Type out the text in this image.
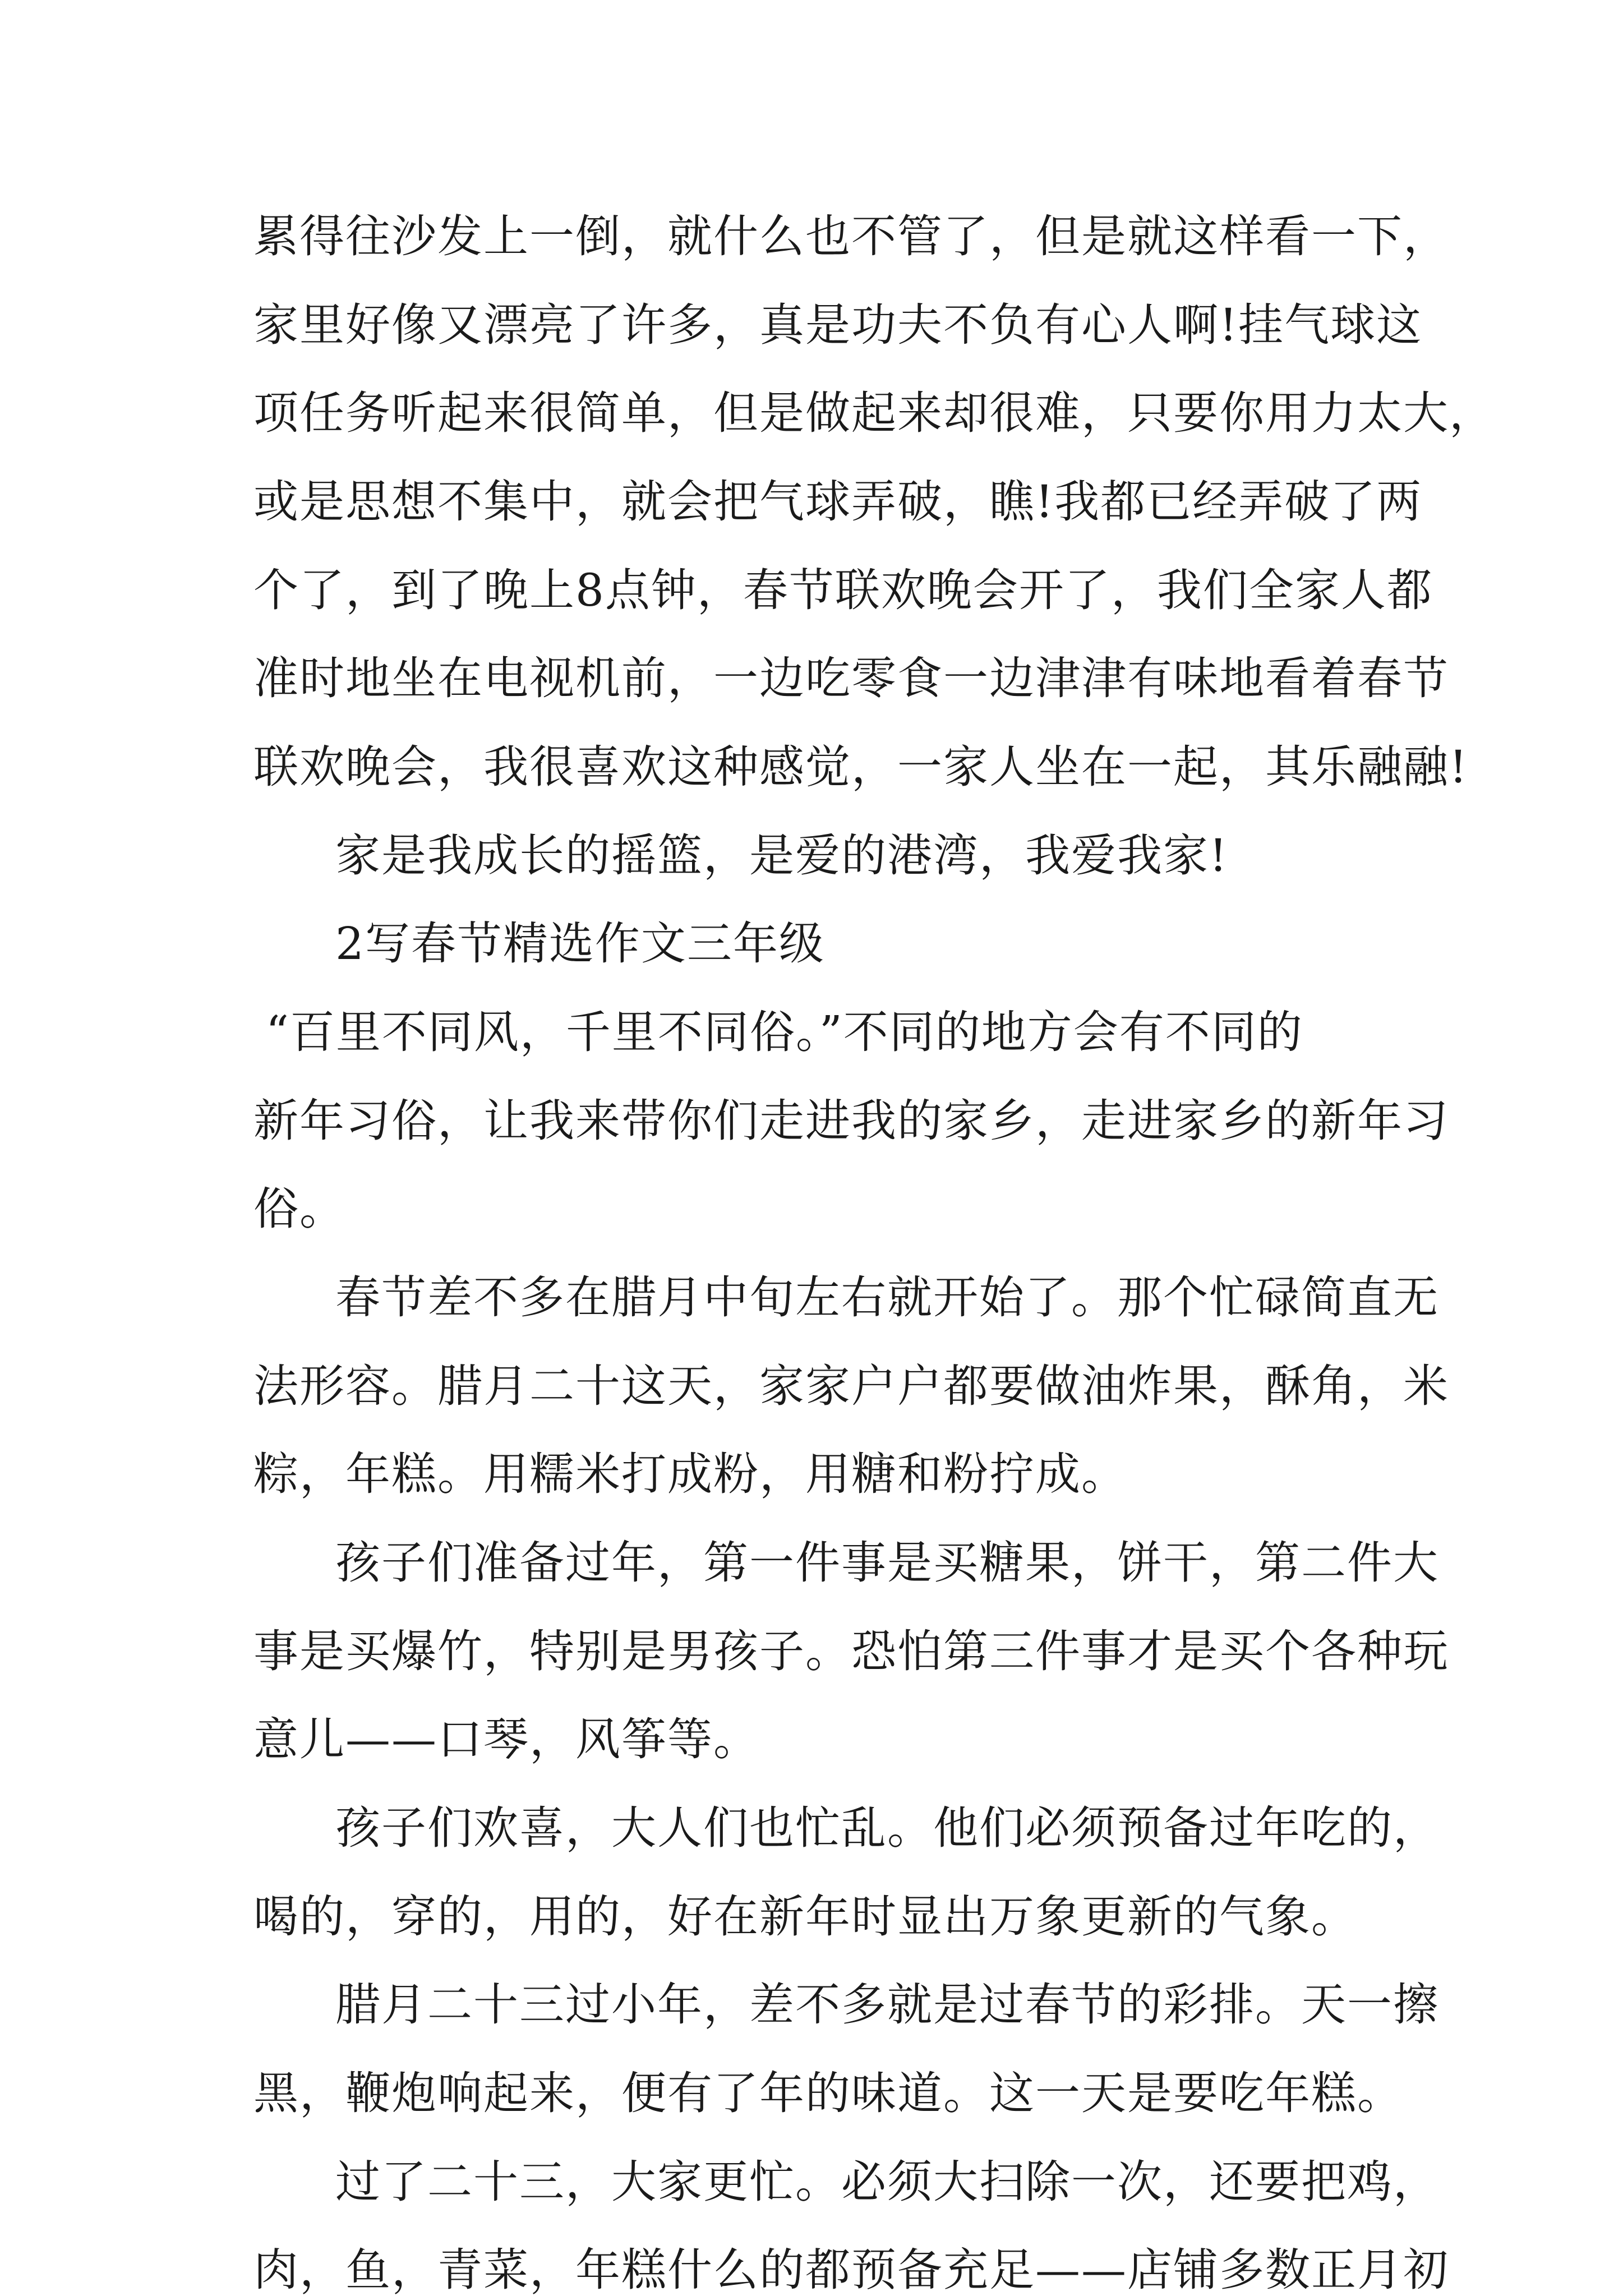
累得往沙发上一倒，就什么也不管了，但是就这样看一下，
家里好像又漂亮了许多，真是功夫不负有心人啊!挂气球这
项任务听起来很简单，但是做起来却很难，只要你用力太大，
或是思想不集中，就会把气球弄破，瞧!我都已经弄破了两
个了，到了晚上8点钟，春节联欢晚会开了，我们全家人都
准时地坐在电视机前，一边吃零食一边津津有味地看着春节
联欢晚会，我很喜欢这种感觉，一家人坐在一起，其乐融融!
家是我成长的摇篮，是爱的港湾，我爱我家!
2写春节精选作文三年级
“百里不同风，千里不同俗。”不同的地方会有不同的
新年习俗，让我来带你们走进我的家乡，走进家乡的新年习
俗。
春节差不多在腊月中旬左右就开始了。那个忙碌简直无
法形容。腊月二十这天，家家户户都要做油炸果，酥角，米
粽，年糕。用糯米打成粉，用糖和粉拧成。
孩子们准备过年，第一件事是买糖果，饼干，第二件大
事是买爆竹，特别是男孩子。恐怕第三件事才是买个各种玩
意儿——口琴，风筝等。
孩子们欢喜，大人们也忙乱。他们必须预备过年吃的，
喝的，穿的，用的，好在新年时显出万象更新的气象。
腊月二十三过小年，差不多就是过春节的彩排。天一擦
黑，鞭炮响起来，便有了年的味道。这一天是要吃年糕。
过了二十三，大家更忙。必须大扫除一次，还要把鸡，
肉，鱼，青菜，年糕什么的都预备充足——店铺多数正月初
